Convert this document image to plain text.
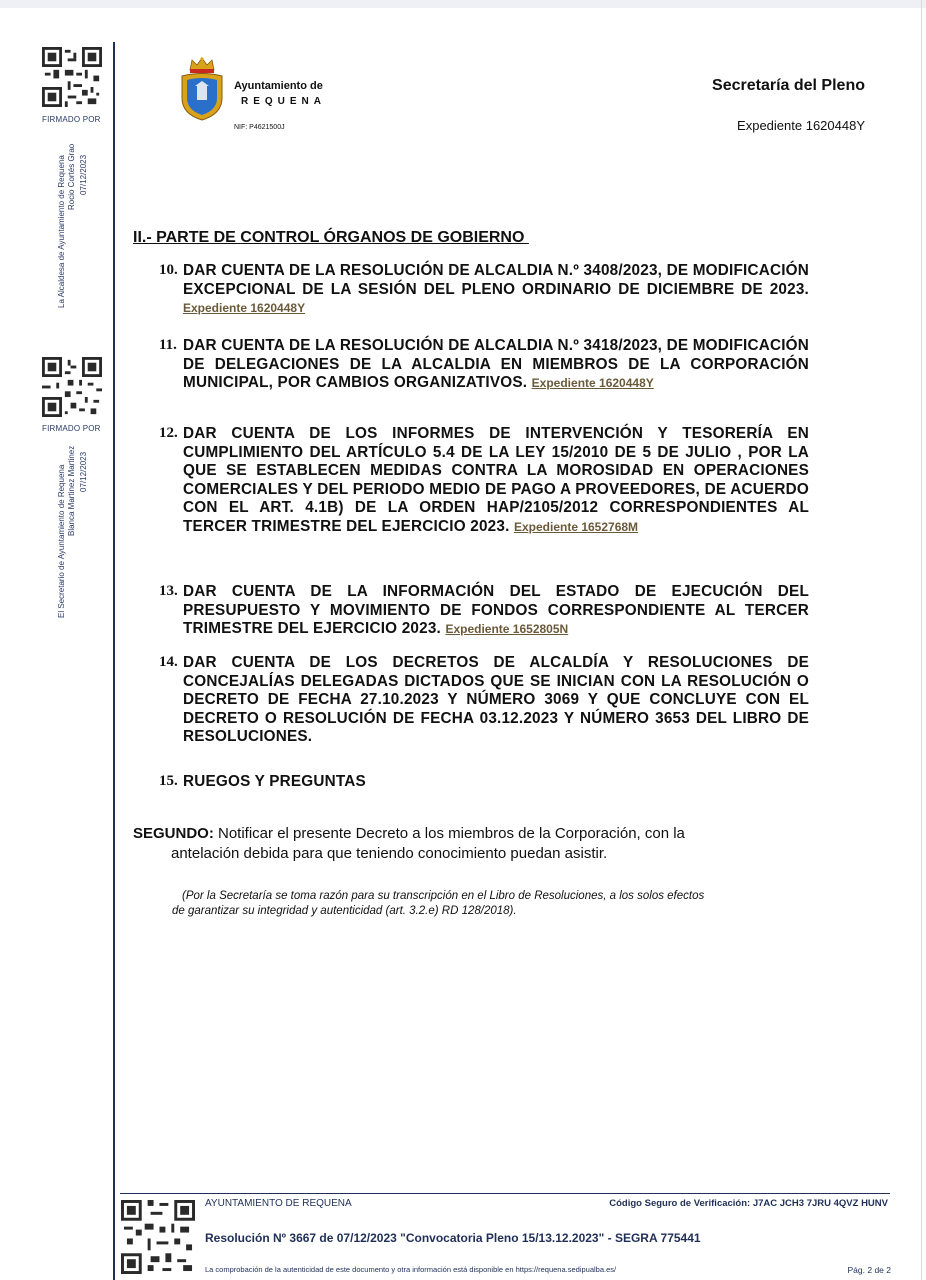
FIRMADO POR
La Alcaldesa de Ayuntamiento de Requena Rocio Cortés Grao 07/12/2023
FIRMADO POR
El Secretario de Ayuntamiento de Requena Blanca Martinez Martinez 07/12/2023
Ayuntamiento de
REQUENA
NIF: P4621500J
Secretaría del Pleno
Expediente 1620448Y
II.- PARTE DE CONTROL ÓRGANOS DE GOBIERNO
10. DAR CUENTA DE LA RESOLUCIÓN DE ALCALDIA N.º 3408/2023, DE MODIFICACIÓN EXCEPCIONAL DE LA SESIÓN DEL PLENO ORDINARIO DE DICIEMBRE DE 2023. Expediente 1620448Y
11. DAR CUENTA DE LA RESOLUCIÓN DE ALCALDIA N.º 3418/2023, DE MODIFICACIÓN DE DELEGACIONES DE LA ALCALDIA EN MIEMBROS DE LA CORPORACIÓN MUNICIPAL, POR CAMBIOS ORGANIZATIVOS. Expediente 1620448Y
12. DAR CUENTA DE LOS INFORMES DE INTERVENCIÓN Y TESORERÍA EN CUMPLIMIENTO DEL ARTÍCULO 5.4 DE LA LEY 15/2010 DE 5 DE JULIO , POR LA QUE SE ESTABLECEN MEDIDAS CONTRA LA MOROSIDAD EN OPERACIONES COMERCIALES Y DEL PERIODO MEDIO DE PAGO A PROVEEDORES, DE ACUERDO CON EL ART. 4.1B) DE LA ORDEN HAP/2105/2012 CORRESPONDIENTES AL TERCER TRIMESTRE DEL EJERCICIO 2023. Expediente 1652768M
13. DAR CUENTA DE LA INFORMACIÓN DEL ESTADO DE EJECUCIÓN DEL PRESUPUESTO Y MOVIMIENTO DE FONDOS CORRESPONDIENTE AL TERCER TRIMESTRE DEL EJERCICIO 2023. Expediente 1652805N
14. DAR CUENTA DE LOS DECRETOS DE ALCALDÍA Y RESOLUCIONES DE CONCEJALÍAS DELEGADAS DICTADOS QUE SE INICIAN CON LA RESOLUCIÓN O DECRETO DE FECHA 27.10.2023 Y NÚMERO 3069 Y QUE CONCLUYE CON EL DECRETO O RESOLUCIÓN DE FECHA 03.12.2023 Y NÚMERO 3653 DEL LIBRO DE RESOLUCIONES.
15. RUEGOS Y PREGUNTAS
SEGUNDO: Notificar el presente Decreto a los miembros de la Corporación, con la
antelación debida para que teniendo conocimiento puedan asistir.
(Por la Secretaría se toma razón para su transcripción en el Libro de Resoluciones, a los solos efectos
de garantizar su integridad y autenticidad (art. 3.2.e) RD 128/2018).
AYUNTAMIENTO DE REQUENA	Código Seguro de Verificación: J7AC JCH3 7JRU 4QVZ HUNV
Resolución Nº 3667 de 07/12/2023 "Convocatoria Pleno 15/13.12.2023" - SEGRA 775441
La comprobación de la autenticidad de este documento y otra información está disponible en https://requena.sedipualba.es/	Pág. 2 de 2
